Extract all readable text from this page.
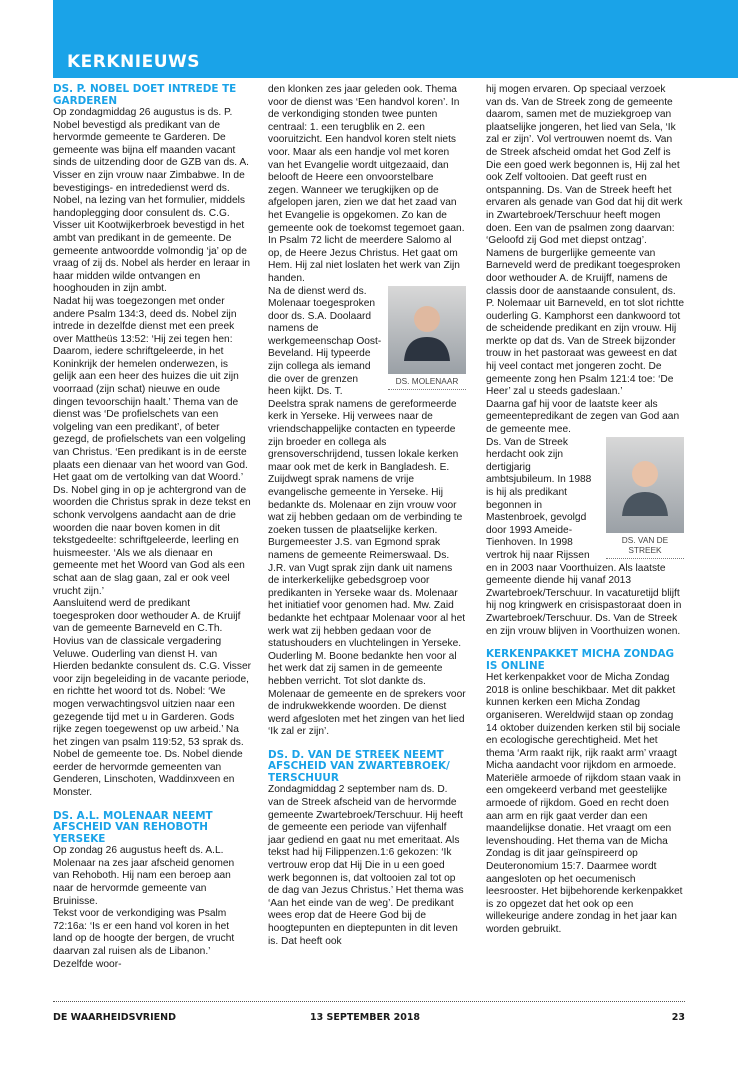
KERKNIEUWS
DS. P. NOBEL DOET INTREDE TE GARDEREN

Op zondagmiddag 26 augustus is ds. P. Nobel bevestigd als predikant van de hervormde gemeente te Garderen. De gemeente was bijna elf maanden vacant sinds de uitzending door de GZB van ds. A. Visser en zijn vrouw naar Zimbabwe. In de bevestigings- en intrededienst werd ds. Nobel, na lezing van het formulier, middels handoplegging door consulent ds. C.G. Visser uit Kootwijkerbroek bevestigd in het ambt van predikant in de gemeente. De gemeente antwoordde volmondig ‘ja’ op de vraag of zij ds. Nobel als herder en leraar in haar midden wilde ontvangen en hooghouden in zijn ambt.

Nadat hij was toegezongen met onder andere Psalm 134:3, deed ds. Nobel zijn intrede in dezelfde dienst met een preek over Mattheüs 13:52: ‘Hij zei tegen hen: Daarom, iedere schriftgeleerde, in het Koninkrijk der hemelen onderwezen, is gelijk aan een heer des huizes die uit zijn voorraad (zijn schat) nieuwe en oude dingen tevoorschijn haalt.’ Thema van de dienst was ‘De profielschets van een volgeling van een predikant’, of beter gezegd, de profielschets van een volgeling van Christus. ‘Een predikant is in de eerste plaats een dienaar van het woord van God. Het gaat om de vertolking van dat Woord.’ Ds. Nobel ging in op je achtergrond van de woorden die Christus sprak in deze tekst en schonk vervolgens aandacht aan de drie woorden die naar boven komen in dit tekstgedeelte: schriftgeleerde, leerling en huismeester. ‘Als we als dienaar en gemeente met het Woord van God als een schat aan de slag gaan, zal er ook veel vrucht zijn.’

Aansluitend werd de predikant toegesproken door wethouder A. de Kruijf van de gemeente Barneveld en C.Th. Hovius van de classicale vergadering Veluwe. Ouderling van dienst H. van Hierden bedankte consulent ds. C.G. Visser voor zijn begeleiding in de vacante periode, en richtte het woord tot ds. Nobel: ‘We mogen verwachtingsvol uitzien naar een gezegende tijd met u in Garderen. Gods rijke zegen toegewenst op uw arbeid.’ Na het zingen van psalm 119:52, 53 sprak ds. Nobel de gemeente toe. Ds. Nobel diende eerder de hervormde gemeenten van Genderen, Linschoten, Waddinxveen en Monster.

DS. A.L. MOLENAAR NEEMT AFSCHEID VAN REHOBOTH YERSEKE

Op zondag 26 augustus heeft ds. A.L. Molenaar na zes jaar afscheid genomen van Rehoboth. Hij nam een beroep aan naar de hervormde gemeente van Bruinisse.

Tekst voor de verkondiging was Psalm 72:16a: ‘Is er een hand vol koren in het land op de hoogte der bergen, de vrucht daarvan zal ruisen als de Libanon.’ Dezelfde woor-

den klonken zes jaar geleden ook. Thema voor de dienst was ‘Een handvol koren’. In de verkondiging stonden twee punten centraal: 1. een terugblik en 2. een vooruitzicht. Een handvol koren stelt niets voor. Maar als een handje vol met koren van het Evangelie wordt uitgezaaid, dan belooft de Heere een onvoorstelbare zegen. Wanneer we terugkijken op de afgelopen jaren, zien we dat het zaad van het Evangelie is opgekomen. Zo kan de gemeente ook de toekomst tegemoet gaan. In Psalm 72 licht de meerdere Salomo al op, de Heere Jezus Christus. Het gaat om Hem. Hij zal niet loslaten het werk van Zijn handen.

DS. MOLENAAR

Na de dienst werd ds. Molenaar toegesproken door ds. S.A. Doolaard namens de werkgemeenschap Oost-Beveland. Hij typeerde zijn collega als iemand die over de grenzen heen kijkt. Ds. T. Deelstra sprak namens de gereformeerde kerk in Yerseke. Hij verwees naar de vriendschappelijke contacten en typeerde zijn broeder en collega als grensoverschrijdend, tussen lokale kerken maar ook met de kerk in Bangladesh. E. Zuijdwegt sprak namens de vrije evangelische gemeente in Yerseke. Hij bedankte ds. Molenaar en zijn vrouw voor wat zij hebben gedaan om de verbinding te zoeken tussen de plaatselijke kerken. Burgemeester J.S. van Egmond sprak namens de gemeente Reimerswaal. Ds. J.R. van Vugt sprak zijn dank uit namens de interkerkelijke gebedsgroep voor predikanten in Yerseke waar ds. Molenaar het initiatief voor genomen had. Mw. Zaid bedankte het echtpaar Molenaar voor al het werk wat zij hebben gedaan voor de statushouders en vluchtelingen in Yerseke. Ouderling M. Boone bedankte hen voor al het werk dat zij samen in de gemeente hebben verricht. Tot slot dankte ds. Molenaar de gemeente en de sprekers voor de indrukwekkende woorden. De dienst werd afgesloten met het zingen van het lied ‘Ik zal er zijn’.

DS. D. VAN DE STREEK NEEMT AFSCHEID VAN ZWARTEBROEK/ TERSCHUUR

Zondagmiddag 2 september nam ds. D. van de Streek afscheid van de hervormde gemeente Zwartebroek/Terschuur. Hij heeft de gemeente een periode van vijfenhalf jaar gediend en gaat nu met emeritaat. Als tekst had hij Filippenzen.1:6 gekozen: ‘Ik vertrouw erop dat Hij Die in u een goed werk begonnen is, dat voltooien zal tot op de dag van Jezus Christus.’ Het thema was ‘Aan het einde van de weg’. De predikant wees erop dat de Heere God bij de hoogtepunten en dieptepunten in dit leven is. Dat heeft ook

hij mogen ervaren. Op speciaal verzoek van ds. Van de Streek zong de gemeente daarom, samen met de muziekgroep van plaatselijke jongeren, het lied van Sela, ‘Ik zal er zijn’. Vol vertrouwen noemt ds. Van de Streek afscheid omdat het God Zelf is Die een goed werk begonnen is, Hij zal het ook Zelf voltooien. Dat geeft rust en ontspanning. Ds. Van de Streek heeft het ervaren als genade van God dat hij dit werk in Zwartebroek/Terschuur heeft mogen doen. Een van de psalmen zong daarvan: ‘Geloofd zij God met diepst ontzag’.

Namens de burgerlijke gemeente van Barneveld werd de predikant toegesproken door wethouder A. de Kruijff, namens de classis door de aanstaande consulent, ds. P. Nolemaar uit Barneveld, en tot slot richtte ouderling G. Kamphorst een dankwoord tot de scheidende predikant en zijn vrouw. Hij merkte op dat ds. Van de Streek bijzonder trouw in het pastoraat was geweest en dat hij veel contact met jongeren zocht. De gemeente zong hen Psalm 121:4 toe: ‘De Heer’ zal u steeds gadeslaan.’

Daarna gaf hij voor de laatste keer als gemeentepredikant de zegen van God aan de gemeente mee.

DS. VAN DE STREEK

Ds. Van de Streek herdacht ook zijn dertigjarig ambtsjubileum. In 1988 is hij als predikant begonnen in Mastenbroek, gevolgd door 1993 Ameide-Tienhoven. In 1998 vertrok hij naar Rijssen en in 2003 naar Voorthuizen. Als laatste gemeente diende hij vanaf 2013 Zwartebroek/Terschuur. In vacaturetijd blijft hij nog kringwerk en crisispastoraat doen in Zwartebroek/Terschuur. Ds. Van de Streek en zijn vrouw blijven in Voorthuizen wonen.

KERKENPAKKET MICHA ZONDAG IS ONLINE

Het kerkenpakket voor de Micha Zondag 2018 is online beschikbaar. Met dit pakket kunnen kerken een Micha Zondag organiseren. Wereldwijd staan op zondag 14 oktober duizenden kerken stil bij sociale en ecologische gerechtigheid. Met het thema ‘Arm raakt rijk, rijk raakt arm’ vraagt Micha aandacht voor rijkdom en armoede. Materiële armoede of rijkdom staan vaak in een omgekeerd verband met geestelijke armoede of rijkdom. Goed en recht doen aan arm en rijk gaat verder dan een maandelijkse donatie. Het vraagt om een levenshouding. Het thema van de Micha Zondag is dit jaar geïnspireerd op Deuteronomium 15:7. Daarmee wordt aangesloten op het oecumenisch leesrooster. Het bijbehorende kerkenpakket is zo opgezet dat het ook op een willekeurige andere zondag in het jaar kan worden gebruikt.

DE WAARHEIDSVRIEND	13 SEPTEMBER 2018	23
